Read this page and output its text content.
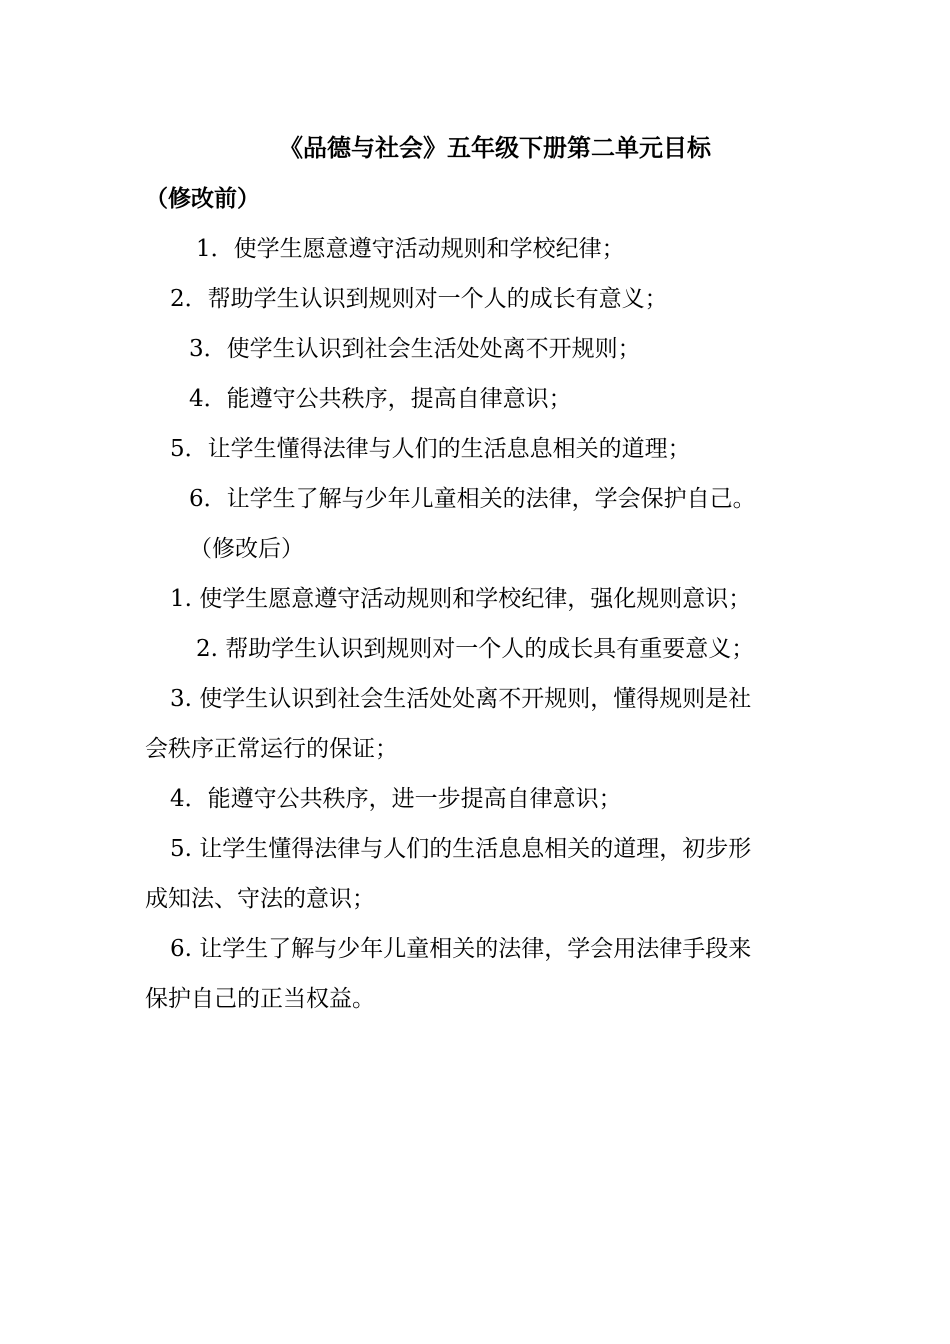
《品德与社会》五年级下册第二单元目标
（修改前）
1．使学生愿意遵守活动规则和学校纪律；
2．帮助学生认识到规则对一个人的成长有意义；
3．使学生认识到社会生活处处离不开规则；
4．能遵守公共秩序，提高自律意识；
5．让学生懂得法律与人们的生活息息相关的道理；
6．让学生了解与少年儿童相关的法律，学会保护自己。
（修改后）
1. 使学生愿意遵守活动规则和学校纪律，强化规则意识；
2. 帮助学生认识到规则对一个人的成长具有重要意义；
3. 使学生认识到社会生活处处离不开规则，懂得规则是社
会秩序正常运行的保证；
4．能遵守公共秩序，进一步提高自律意识；
5. 让学生懂得法律与人们的生活息息相关的道理，初步形
成知法、守法的意识；
6. 让学生了解与少年儿童相关的法律，学会用法律手段来
保护自己的正当权益。
